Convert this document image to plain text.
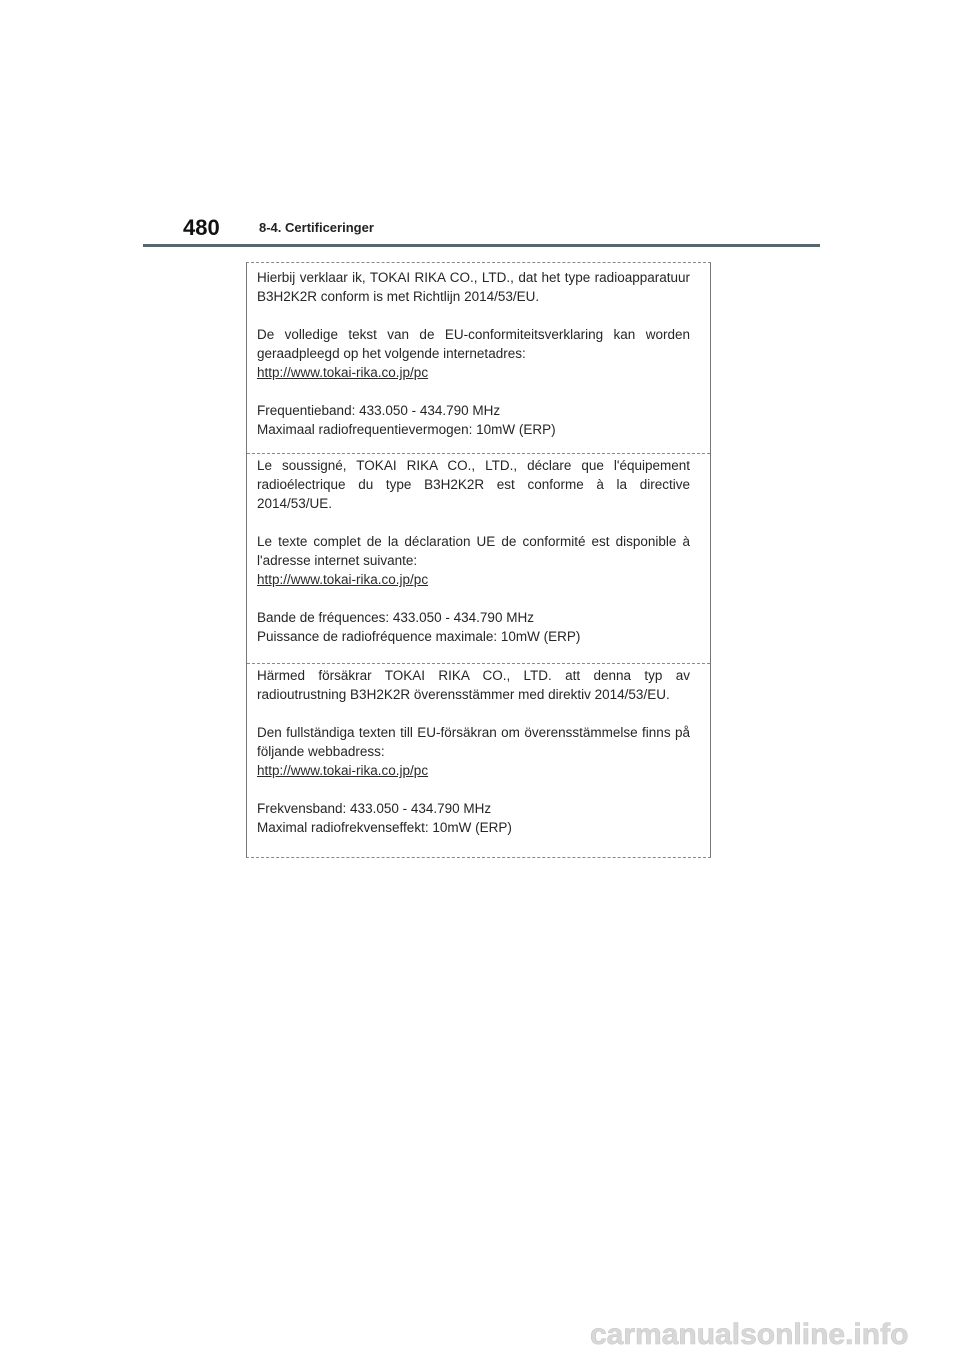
480	8-4. Certificeringer

Hierbij verklaar ik, TOKAI RIKA CO., LTD., dat het type radioapparatuur B3H2K2R conform is met Richtlijn 2014/53/EU.

De volledige tekst van de EU-conformiteitsverklaring kan worden geraadpleegd op het volgende internetadres:

http://www.tokai-rika.co.jp/pc

Frequentieband: 433.050 - 434.790 MHz

Maximaal radiofrequentievermogen: 10mW (ERP)

Le soussigné, TOKAI RIKA CO., LTD., déclare que l'équipement radioélectrique du type B3H2K2R est conforme à la directive 2014/53/UE.

Le texte complet de la déclaration UE de conformité est disponible à l'adresse internet suivante:

http://www.tokai-rika.co.jp/pc

Bande de fréquences: 433.050 - 434.790 MHz

Puissance de radiofréquence maximale: 10mW (ERP)

Härmed försäkrar TOKAI RIKA CO., LTD. att denna typ av radioutrustning B3H2K2R överensstämmer med direktiv 2014/53/EU.

Den fullständiga texten till EU-försäkran om överensstämmelse finns på följande webbadress:

http://www.tokai-rika.co.jp/pc

Frekvensband: 433.050 - 434.790 MHz

Maximal radiofrekvenseffekt: 10mW (ERP)

carmanualsonline.info
